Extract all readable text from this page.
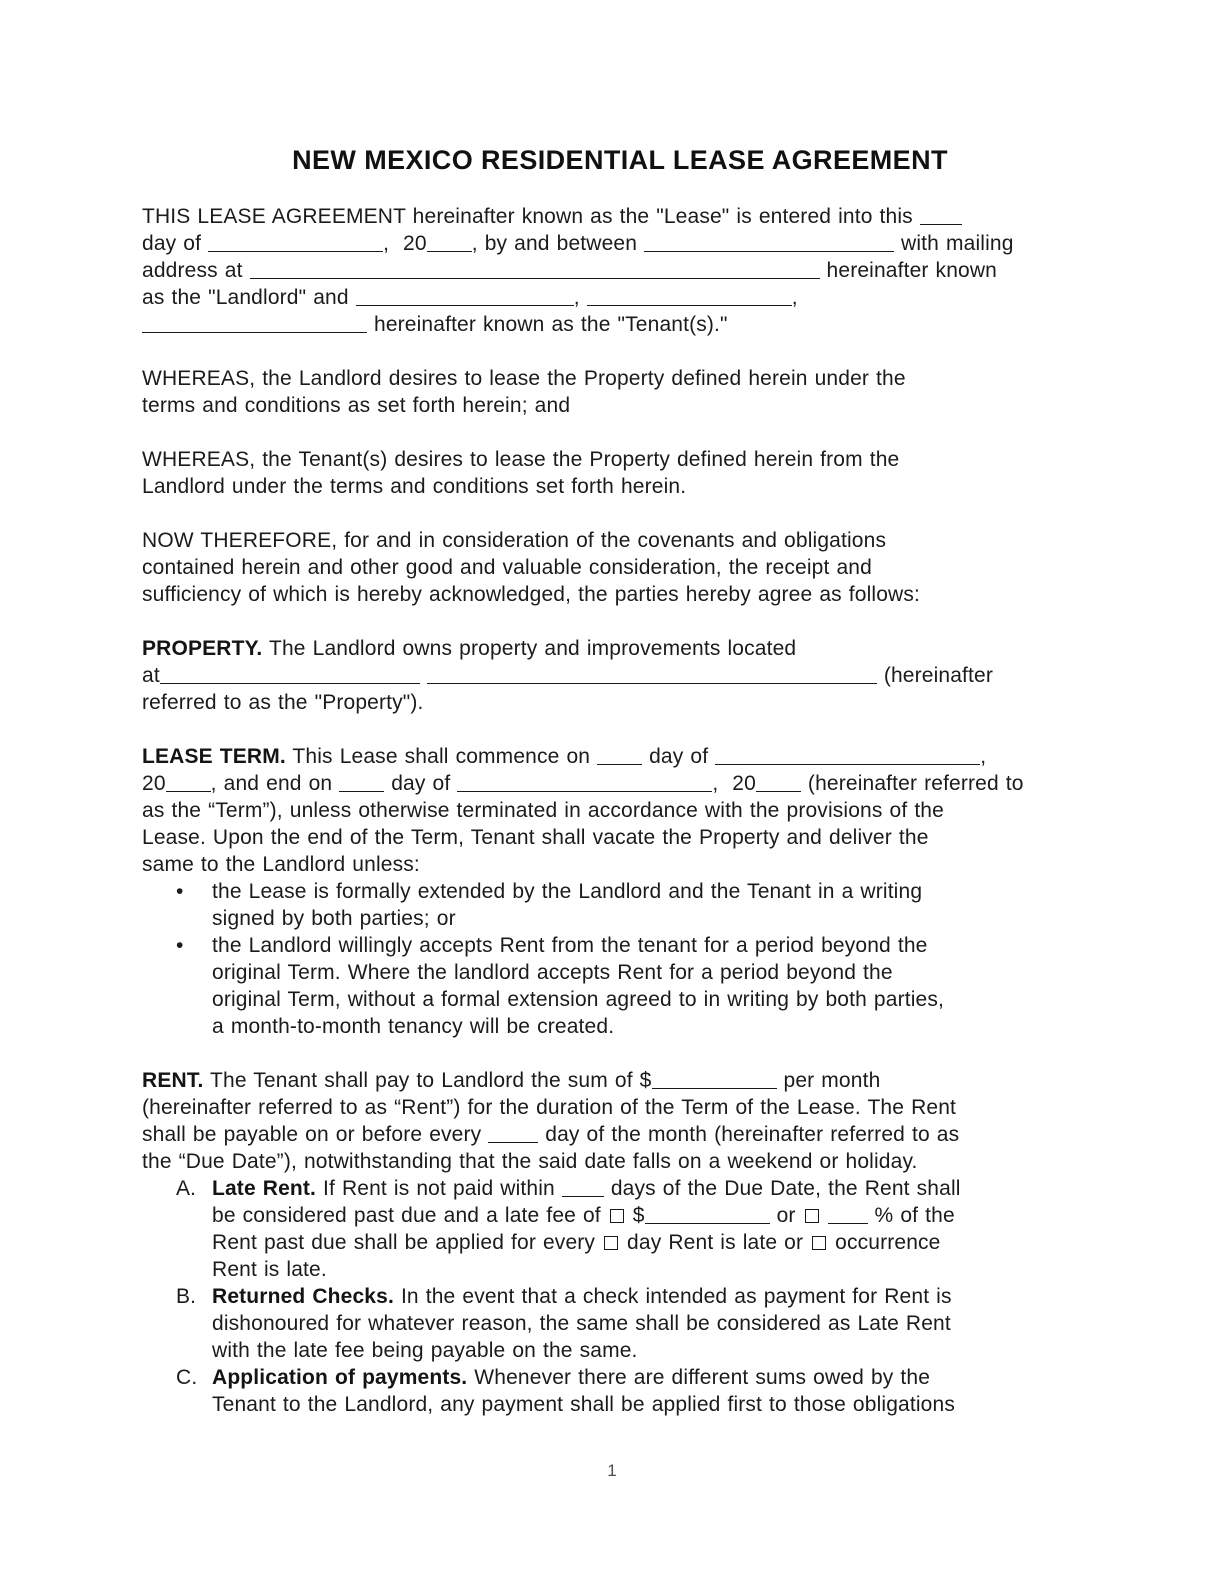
NEW MEXICO RESIDENTIAL LEASE AGREEMENT

THIS LEASE AGREEMENT hereinafter known as the "Lease" is entered into this
day of	,  20 , by and between	with mailing
address at	hereinafter known
as the "Landlord" and	,	,
hereinafter known as the "Tenant(s)."

WHEREAS, the Landlord desires to lease the Property defined herein under the
terms and conditions as set forth herein; and

WHEREAS, the Tenant(s) desires to lease the Property defined herein from the
Landlord under the terms and conditions set forth herein.

NOW THEREFORE, for and in consideration of the covenants and obligations
contained herein and other good and valuable consideration, the receipt and
sufficiency of which is hereby acknowledged, the parties hereby agree as follows:

PROPERTY. The Landlord owns property and improvements located
at	(hereinafter
referred to as the "Property").

LEASE TERM. This Lease shall commence on  day of	,
20 , and end on  day of	,  20 (hereinafter referred to
as the “Term”), unless otherwise terminated in accordance with the provisions of the
Lease. Upon the end of the Term, Tenant shall vacate the Property and deliver the
same to the Landlord unless:

• the Lease is formally extended by the Landlord and the Tenant in a writing
signed by both parties; or
• the Landlord willingly accepts Rent from the tenant for a period beyond the
original Term. Where the landlord accepts Rent for a period beyond the
original Term, without a formal extension agreed to in writing by both parties,
a month-to-month tenancy will be created.

RENT. The Tenant shall pay to Landlord the sum of $	per month
(hereinafter referred to as “Rent”) for the duration of the Term of the Lease. The Rent
shall be payable on or before every  day of the month (hereinafter referred to as
the “Due Date”), notwithstanding that the said date falls on a weekend or holiday.

A. Late Rent. If Rent is not paid within  days of the Due Date, the Rent shall
be considered past due and a late fee of  $	or	% of the
Rent past due shall be applied for every  day Rent is late or  occurrence
Rent is late.
B. Returned Checks. In the event that a check intended as payment for Rent is
dishonoured for whatever reason, the same shall be considered as Late Rent
with the late fee being payable on the same.
C. Application of payments. Whenever there are different sums owed by the
Tenant to the Landlord, any payment shall be applied first to those obligations
1
